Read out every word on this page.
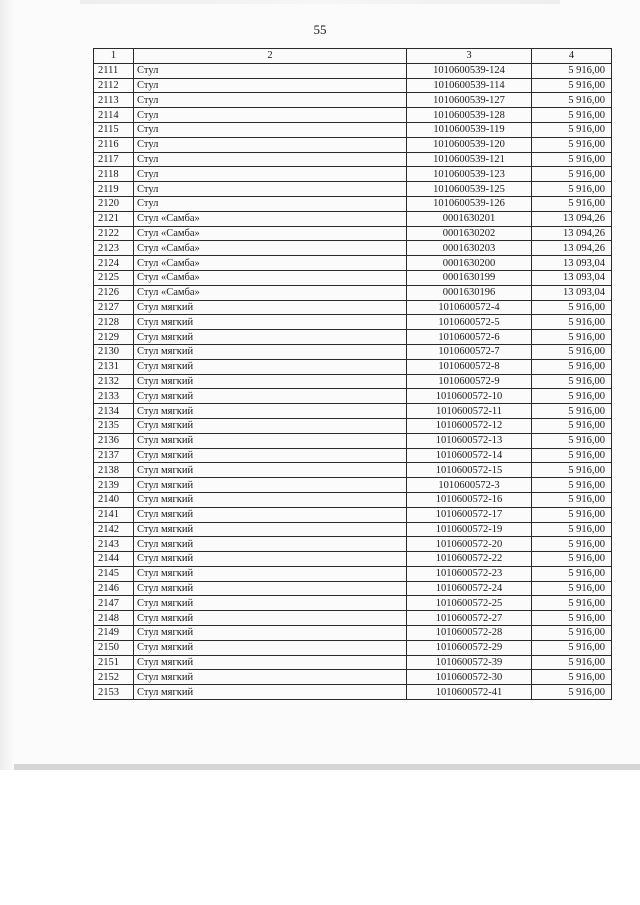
55
1	2	3	4
2111	Стул	1010600539-124	5 916,00
2112	Стул	1010600539-114	5 916,00
2113	Стул	1010600539-127	5 916,00
2114	Стул	1010600539-128	5 916,00
2115	Стул	1010600539-119	5 916,00
2116	Стул	1010600539-120	5 916,00
2117	Стул	1010600539-121	5 916,00
2118	Стул	1010600539-123	5 916,00
2119	Стул	1010600539-125	5 916,00
2120	Стул	1010600539-126	5 916,00
2121	Стул «Самба»	0001630201	13 094,26
2122	Стул «Самба»	0001630202	13 094,26
2123	Стул «Самба»	0001630203	13 094,26
2124	Стул «Самба»	0001630200	13 093,04
2125	Стул «Самба»	0001630199	13 093,04
2126	Стул «Самба»	0001630196	13 093,04
2127	Стул мягкий	1010600572-4	5 916,00
2128	Стул мягкий	1010600572-5	5 916,00
2129	Стул мягкий	1010600572-6	5 916,00
2130	Стул мягкий	1010600572-7	5 916,00
2131	Стул мягкий	1010600572-8	5 916,00
2132	Стул мягкий	1010600572-9	5 916,00
2133	Стул мягкий	1010600572-10	5 916,00
2134	Стул мягкий	1010600572-11	5 916,00
2135	Стул мягкий	1010600572-12	5 916,00
2136	Стул мягкий	1010600572-13	5 916,00
2137	Стул мягкий	1010600572-14	5 916,00
2138	Стул мягкий	1010600572-15	5 916,00
2139	Стул мягкий	1010600572-3	5 916,00
2140	Стул мягкий	1010600572-16	5 916,00
2141	Стул мягкий	1010600572-17	5 916,00
2142	Стул мягкий	1010600572-19	5 916,00
2143	Стул мягкий	1010600572-20	5 916,00
2144	Стул мягкий	1010600572-22	5 916,00
2145	Стул мягкий	1010600572-23	5 916,00
2146	Стул мягкий	1010600572-24	5 916,00
2147	Стул мягкий	1010600572-25	5 916,00
2148	Стул мягкий	1010600572-27	5 916,00
2149	Стул мягкий	1010600572-28	5 916,00
2150	Стул мягкий	1010600572-29	5 916,00
2151	Стул мягкий	1010600572-39	5 916,00
2152	Стул мягкий	1010600572-30	5 916,00
2153	Стул мягкий	1010600572-41	5 916,00
